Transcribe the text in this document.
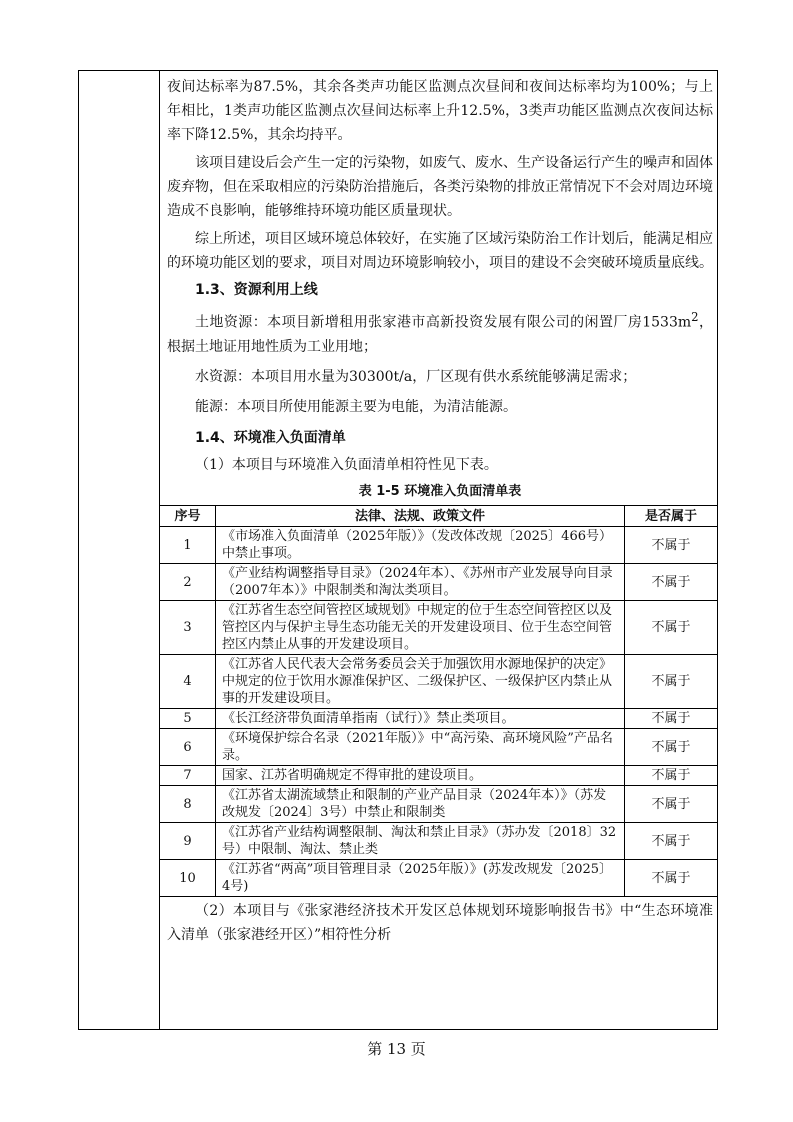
夜间达标率为87.5%，其余各类声功能区监测点次昼间和夜间达标率均为100%；与上年相比，1类声功能区监测点次昼间达标率上升12.5%，3类声功能区监测点次夜间达标率下降12.5%，其余均持平。

该项目建设后会产生一定的污染物，如废气、废水、生产设备运行产生的噪声和固体废弃物，但在采取相应的污染防治措施后，各类污染物的排放正常情况下不会对周边环境造成不良影响，能够维持环境功能区质量现状。

综上所述，项目区域环境总体较好，在实施了区域污染防治工作计划后，能满足相应的环境功能区划的要求，项目对周边环境影响较小，项目的建设不会突破环境质量底线。

1.3、资源利用上线

土地资源：本项目新增租用张家港市高新投资发展有限公司的闲置厂房$1533m^2$，根据土地证用地性质为工业用地；

水资源：本项目用水量为30300t/a，厂区现有供水系统能够满足需求；

能源：本项目所使用能源主要为电能，为清洁能源。

1.4、环境准入负面清单

（1）本项目与环境准入负面清单相符性见下表。

表 1-5 环境准入负面清单表
序号	法律、法规、政策文件	是否属于
1	《市场准入负面清单（2025年版）》（发改体改规〔2025〕466号）中禁止事项。	不属于
2	《产业结构调整指导目录》（2024年本）、《苏州市产业发展导向目录（2007年本）》中限制类和淘汰类项目。	不属于
3	《江苏省生态空间管控区域规划》中规定的位于生态空间管控区以及管控区内与保护主导生态功能无关的开发建设项目、位于生态空间管控区内禁止从事的开发建设项目。	不属于
4	《江苏省人民代表大会常务委员会关于加强饮用水源地保护的决定》中规定的位于饮用水源准保护区、二级保护区、一级保护区内禁止从事的开发建设项目。	不属于
5	《长江经济带负面清单指南（试行）》禁止类项目。	不属于
6	《环境保护综合名录（2021年版）》中“高污染、高环境风险”产品名录。	不属于
7	国家、江苏省明确规定不得审批的建设项目。	不属于
8	《江苏省太湖流域禁止和限制的产业产品目录（2024年本）》（苏发改规发〔2024〕3号）中禁止和限制类	不属于
9	《江苏省产业结构调整限制、淘汰和禁止目录》（苏办发〔2018〕32号）中限制、淘汰、禁止类	不属于
10	《江苏省“两高”项目管理目录（2025年版）》(苏发改规发〔2025〕4号)	不属于

（2）本项目与《张家港经济技术开发区总体规划环境影响报告书》中“生态环境准入清单（张家港经开区）”相符性分析

第 13 页
